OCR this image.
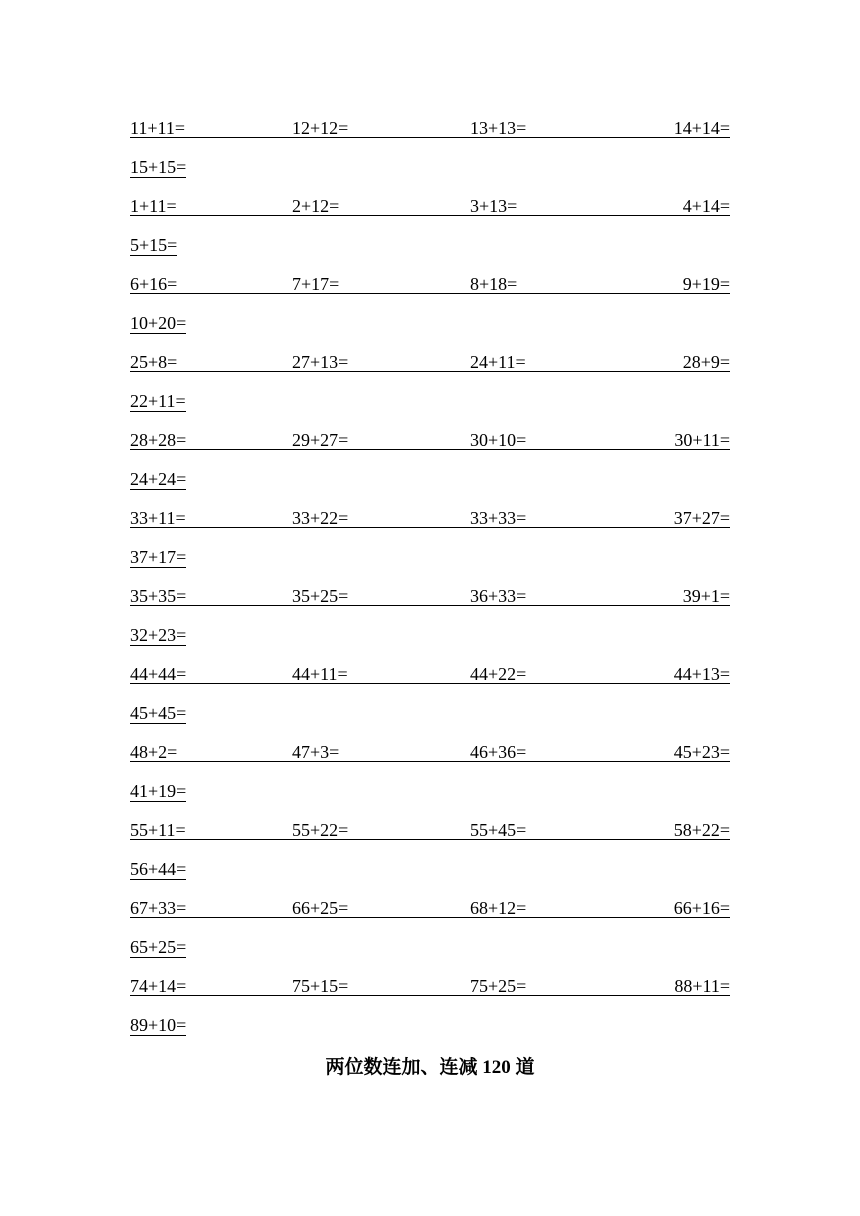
11+11=	12+12=	13+13=	14+14=
15+15=
1+11=	2+12=	3+13=	4+14=
5+15=
6+16=	7+17=	8+18=	9+19=
10+20=
25+8=	27+13=	24+11=	28+9=
22+11=
28+28=	29+27=	30+10=	30+11=
24+24=
33+11=	33+22=	33+33=	37+27=
37+17=
35+35=	35+25=	36+33=	39+1=
32+23=
44+44=	44+11=	44+22=	44+13=
45+45=
48+2=	47+3=	46+36=	45+23=
41+19=
55+11=	55+22=	55+45=	58+22=
56+44=
67+33=	66+25=	68+12=	66+16=
65+25=
74+14=	75+15=	75+25=	88+11=
89+10=
两位数连加、连减 120 道
